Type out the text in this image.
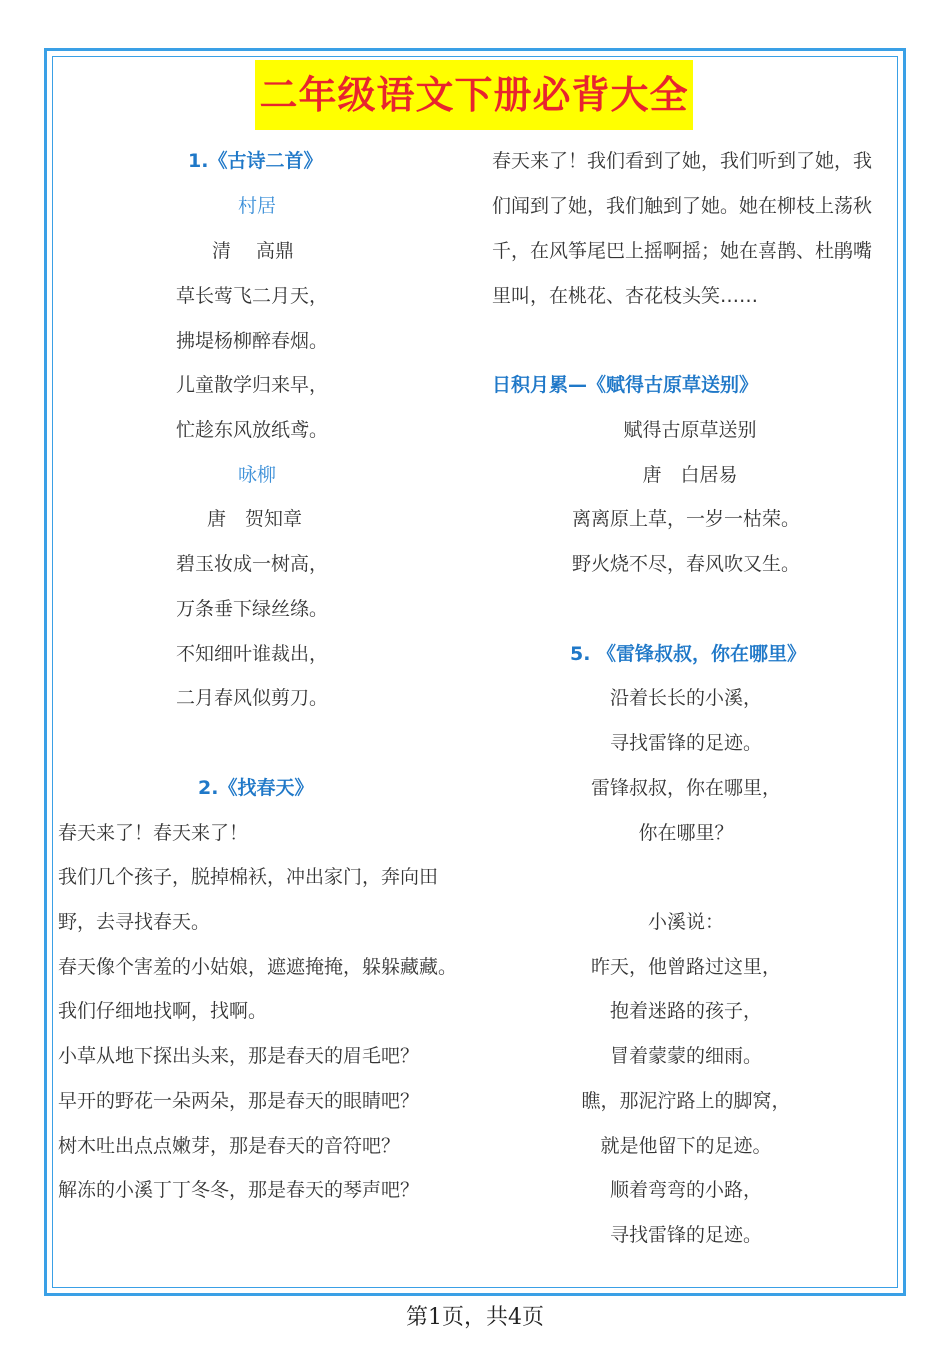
二年级语文下册必背大全
1.《古诗二首》
村居
清　 高鼎
草长莺飞二月天，
拂堤杨柳醉春烟。
儿童散学归来早，
忙趁东风放纸鸢。
咏柳
唐　贺知章
碧玉妆成一树高，
万条垂下绿丝绦。
不知细叶谁裁出，
二月春风似剪刀。
2.《找春天》
春天来了！春天来了！
我们几个孩子，脱掉棉袄，冲出家门，奔向田
野，去寻找春天。
春天像个害羞的小姑娘，遮遮掩掩，躲躲藏藏。
我们仔细地找啊，找啊。
小草从地下探出头来，那是春天的眉毛吧？
早开的野花一朵两朵，那是春天的眼睛吧？
树木吐出点点嫩芽，那是春天的音符吧？
解冻的小溪丁丁冬冬，那是春天的琴声吧？
春天来了！我们看到了她，我们听到了她，我
们闻到了她，我们触到了她。她在柳枝上荡秋
千，在风筝尾巴上摇啊摇；她在喜鹊、杜鹃嘴
里叫，在桃花、杏花枝头笑……
日积月累—《赋得古原草送别》
赋得古原草送别
唐　白居易
离离原上草，一岁一枯荣。
野火烧不尽，春风吹又生。
5. 《雷锋叔叔，你在哪里》
沿着长长的小溪，
寻找雷锋的足迹。
雷锋叔叔，你在哪里，
你在哪里？
小溪说：
昨天，他曾路过这里，
抱着迷路的孩子，
冒着蒙蒙的细雨。
瞧，那泥泞路上的脚窝，
就是他留下的足迹。
顺着弯弯的小路，
寻找雷锋的足迹。
第1页，共4页
